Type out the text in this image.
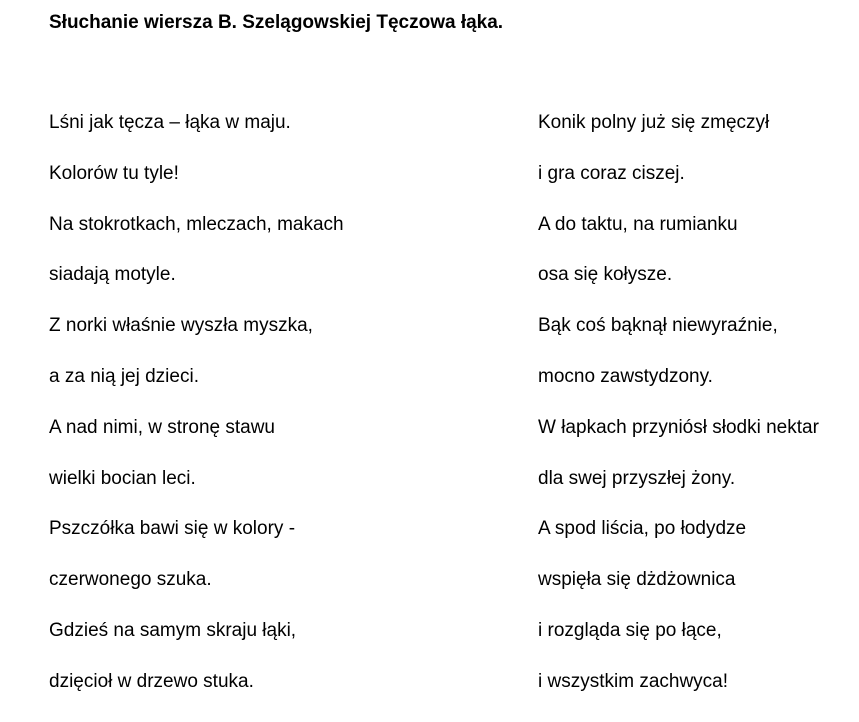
Słuchanie wiersza B. Szelągowskiej Tęczowa łąka.
Lśni jak tęcza – łąka w maju.
Kolorów tu tyle!
Na stokrotkach, mleczach, makach
siadają motyle.
Z norki właśnie wyszła myszka,
a za nią jej dzieci.
A nad nimi, w stronę stawu
wielki bocian leci.
Pszczółka bawi się w kolory -
czerwonego szuka.
Gdzieś na samym skraju łąki,
dzięcioł w drzewo stuka.
Konik polny już się zmęczył
i gra coraz ciszej.
A do taktu, na rumianku
osa się kołysze.
Bąk coś bąknął niewyraźnie,
mocno zawstydzony.
W łapkach przyniósł słodki nektar
dla swej przyszłej żony.
A spod liścia, po łodydze
wspięła się dżdżownica
i rozgląda się po łące,
i wszystkim zachwyca!
